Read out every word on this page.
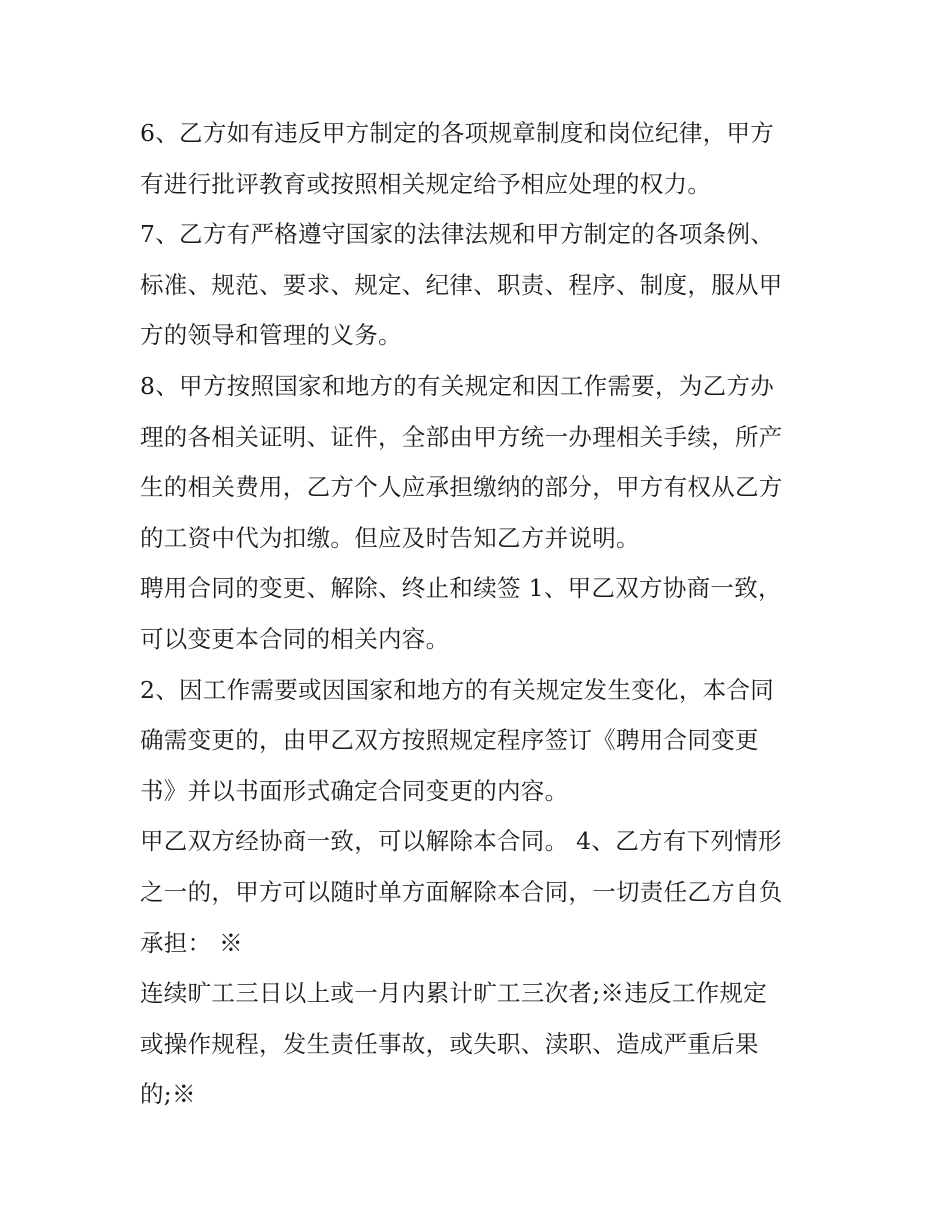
6、乙方如有违反甲方制定的各项规章制度和岗位纪律，甲方
有进行批评教育或按照相关规定给予相应处理的权力。
7、乙方有严格遵守国家的法律法规和甲方制定的各项条例、
标准、规范、要求、规定、纪律、职责、程序、制度，服从甲
方的领导和管理的义务。
8、甲方按照国家和地方的有关规定和因工作需要，为乙方办
理的各相关证明、证件，全部由甲方统一办理相关手续，所产
生的相关费用，乙方个人应承担缴纳的部分，甲方有权从乙方
的工资中代为扣缴。但应及时告知乙方并说明。
聘用合同的变更、解除、终止和续签 1、甲乙双方协商一致，
可以变更本合同的相关内容。
2、因工作需要或因国家和地方的有关规定发生变化，本合同
确需变更的，由甲乙双方按照规定程序签订《聘用合同变更
书》并以书面形式确定合同变更的内容。
甲乙双方经协商一致，可以解除本合同。 4、乙方有下列情形
之一的，甲方可以随时单方面解除本合同，一切责任乙方自负
承担： ※
连续旷工三日以上或一月内累计旷工三次者;※违反工作规定
或操作规程，发生责任事故，或失职、渎职、造成严重后果
的;※
